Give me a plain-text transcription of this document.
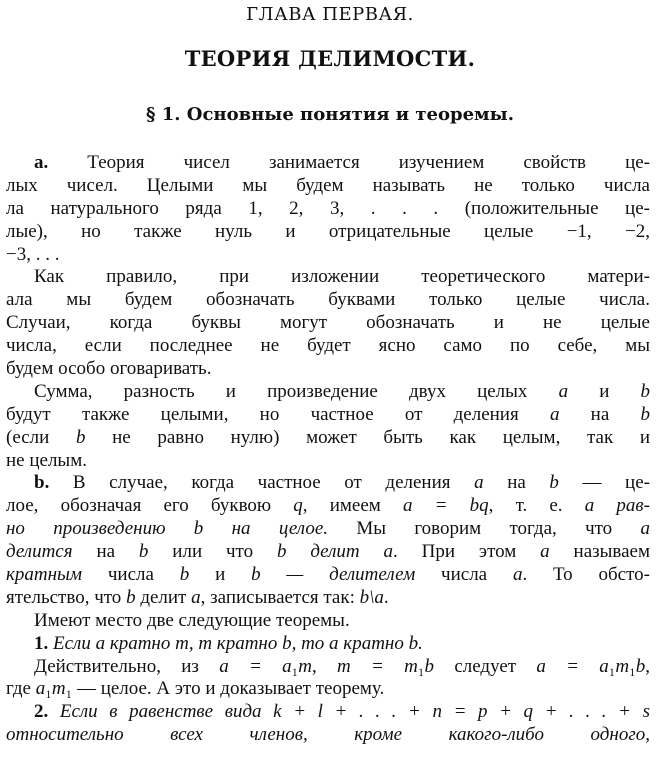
ГЛАВА ПЕРВАЯ.
ТЕОРИЯ ДЕЛИМОСТИ.
§ 1. Основные понятия и теоремы.
a. Теория чисел занимается изучением свойств це-
лых чисел. Целыми мы будем называть не только числа
ла натурального ряда 1, 2, 3, . . . (положительные це-
лые), но также нуль и отрицательные целые −1, −2,
−3, . . .
Как правило, при изложении теоретического матери-
ала мы будем обозначать буквами только целые числа.
Случаи, когда буквы могут обозначать и не целые
числа, если последнее не будет ясно само по себе, мы
будем особо оговаривать.
Сумма, разность и произведение двух целых a и b
будут также целыми, но частное от деления a на b
(если b не равно нулю) может быть как целым, так и
не целым.
b. В случае, когда частное от деления a на b — це-
лое, обозначая его буквою q, имеем a = bq, т. е. a рав-
но произведению b на целое. Мы говорим тогда, что a
делится на b или что b делит a. При этом a называем
кратным числа b и b — делителем числа a. То обсто-
ятельство, что b делит a, записывается так: b\a.
Имеют место две следующие теоремы.
1. Если a кратно m, m кратно b, то a кратно b.
Действительно, из a = a₁m, m = m₁b следует a = a₁m₁b,
где a₁m₁ — целое. А это и доказывает теорему.
2. Если в равенстве вида k + l + . . . + n = p + q + . . . + s
относительно всех членов, кроме какого-либо одного,
